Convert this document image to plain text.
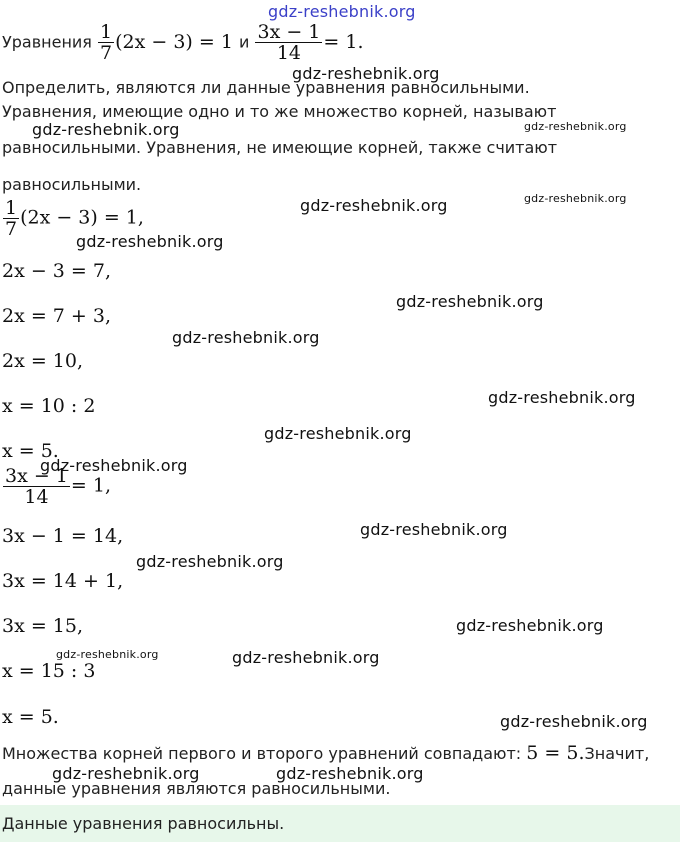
gdz-reshebnik.org
gdz-reshebnik.org
gdz-reshebnik.org	gdz-reshebnik.org
gdz-reshebnik.org	gdz-reshebnik.org
gdz-reshebnik.org
gdz-reshebnik.org
gdz-reshebnik.org
gdz-reshebnik.org
gdz-reshebnik.org
gdz-reshebnik.org
gdz-reshebnik.org
gdz-reshebnik.org
gdz-reshebnik.org
gdz-reshebnik.org	gdz-reshebnik.org
gdz-reshebnik.org
gdz-reshebnik.org	gdz-reshebnik.org
Уравнения $\frac{1}{7} (2x - 3) = 1$ и $\frac{3x - 1}{14} = 1$.
Определить, являются ли данные уравнения равносильными.
Уравнения, имеющие одно и то же множество корней, называют
равносильными. Уравнения, не имеющие корней, также считают
равносильными.
$\frac{1}{7} (2x - 3) = 1$,
2x − 3 = 7,
2x = 7 + 3,
2x = 10,
x = 10 : 2
x = 5.
$\frac{3x - 1}{14} = 1$,
3x − 1 = 14,
3x = 14 + 1,
3x = 15,
x = 15 : 3
x = 5.
Множества корней первого и второго уравнений совпадают: 5 = 5.Значит,
данные уравнения являются равносильными.
Данные уравнения равносильны.
